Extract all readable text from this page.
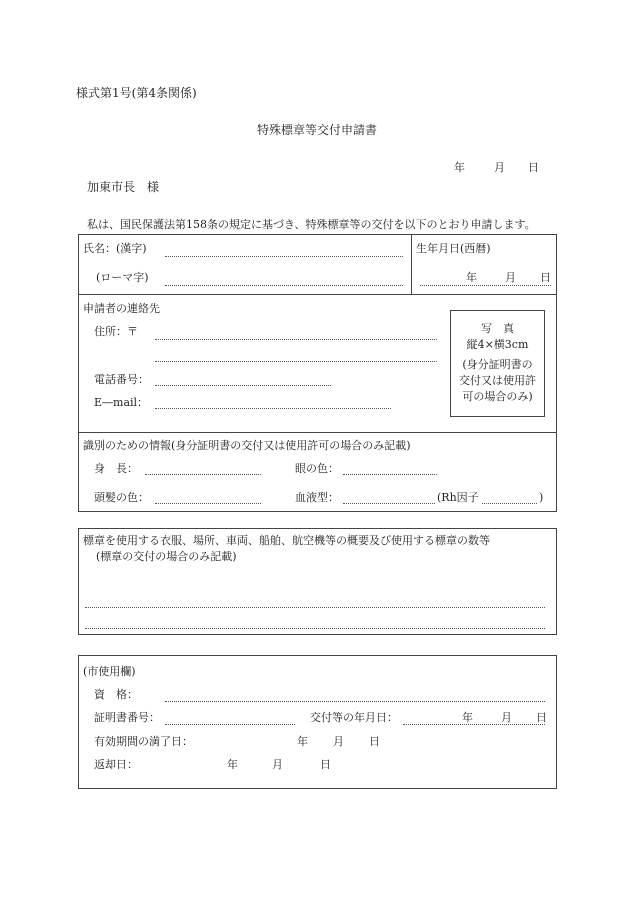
様式第1号(第4条関係)
特殊標章等交付申請書
年	月 日
加東市長　様
私は、国民保護法第158条の規定に基づき、特殊標章等の交付を以下のとおり申請します。
氏名：(漢字)
(ローマ字)
生年月日(西暦)
年	月 日
申請者の連絡先
住所：〒
電話番号：
E―mail：
写　真
縦4×横3cm
(身分証明書の
交付又は使用許
可の場合のみ)
識別のための情報(身分証明書の交付又は使用許可の場合のみ記載)
身　長：	眼の色：
頭髪の色：	血液型：	(Rh因子	)
標章を使用する衣服、場所、車両、船舶、航空機等の概要及び使用する標章の数等
(標章の交付の場合のみ記載)
(市使用欄)
資　格：
証明書番号：	交付等の年月日：	年	月 日
有効期間の満了日：	年 月 日
返却日：	年	月	日
